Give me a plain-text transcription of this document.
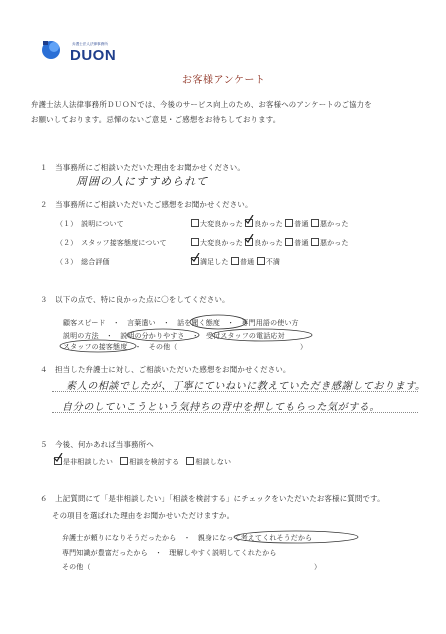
弁護士法人法律事務所
DUON
お客様アンケート
弁護士法人法律事務所ＤＵＯＮでは、今後のサービス向上のため、お客様へのアンケートのご協力を
お願いしております。忌憚のないご意見・ご感想をお待ちしております。
１　当事務所にご相談いただいた理由をお聞かせください。
周囲の人にすすめられて
２　当事務所にご相談いただいたご感想をお聞かせください。
（１）　説明について	大変良かった 良かった 普通 悪かった
（２）　スタッフ接客態度について	大変良かった 良かった 普通 悪かった
（３）　総合評価	満足した 普通 不満
３　以下の点で、特に良かった点に〇をしてください。
顧客スピード　・　言葉遣い　・　話を聞く態度　・　専門用語の使い方
説明の方法　・　説明の分かりやすさ　・　受付スタッフの電話応対
スタッフの接客態度　・　その他（	）
４　担当した弁護士に対し、ご相談いただいた感想をお聞かせください。
素人の相談でしたが、丁寧にていねいに教えていただき感謝しております。
自分のしていこうという気持ちの背中を押してもらった気がする。
５　今後、何かあれば当事務所へ
是非相談したい 相談を検討する 相談しない
６　上記質問にて「是非相談したい」「相談を検討する」にチェックをいただいたお客様に質問です。
その項目を選ばれた理由をお聞かせいただけますか。
弁護士が頼りになりそうだったから　・　親身になって考えてくれそうだから
専門知識が豊富だったから　・　理解しやすく説明してくれたから
その他（	）
